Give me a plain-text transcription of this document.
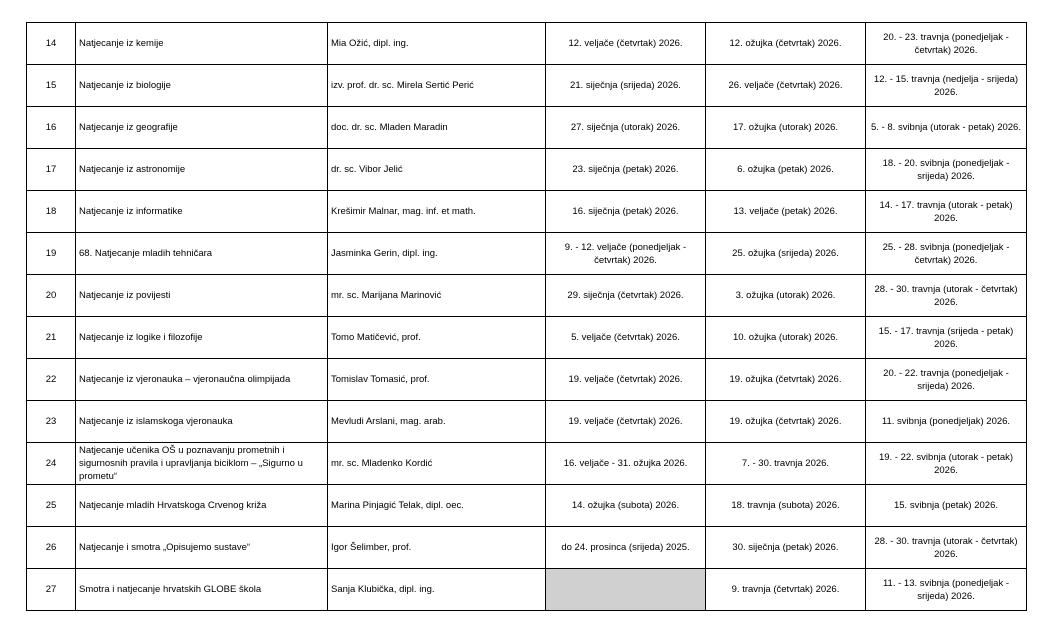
14	Natjecanje iz kemije	Mia Ožić, dipl. ing.	12. veljače (četvrtak) 2026.	12. ožujka (četvrtak) 2026.	20. - 23. travnja (ponedjeljak - četvrtak) 2026.
15	Natjecanje iz biologije	izv. prof. dr. sc. Mirela Sertić Perić	21. siječnja (srijeda) 2026.	26. veljače (četvrtak) 2026.	12. - 15. travnja (nedjelja - srijeda) 2026.
16	Natjecanje iz geografije	doc. dr. sc. Mladen Maradin	27. siječnja (utorak) 2026.	17. ožujka (utorak) 2026.	5. - 8. svibnja (utorak - petak) 2026.
17	Natjecanje iz astronomije	dr. sc. Vibor Jelić	23. siječnja (petak) 2026.	6. ožujka (petak) 2026.	18. - 20. svibnja (ponedjeljak - srijeda) 2026.
18	Natjecanje iz informatike	Krešimir Malnar, mag. inf. et math.	16. siječnja (petak) 2026.	13. veljače (petak) 2026.	14. - 17. travnja (utorak - petak) 2026.
19	68. Natjecanje mladih tehničara	Jasminka Gerin, dipl. ing.	9. - 12. veljače (ponedjeljak - četvrtak) 2026.	25. ožujka (srijeda) 2026.	25. - 28. svibnja (ponedjeljak - četvrtak) 2026.
20	Natjecanje iz povijesti	mr. sc. Marijana Marinović	29. siječnja (četvrtak) 2026.	3. ožujka (utorak) 2026.	28. - 30. travnja (utorak - četvrtak) 2026.
21	Natjecanje iz logike i filozofije	Tomo Matičević, prof.	5. veljače (četvrtak) 2026.	10. ožujka (utorak) 2026.	15. - 17. travnja (srijeda - petak) 2026.
22	Natjecanje iz vjeronauka – vjeronaučna olimpijada	Tomislav Tomasić, prof.	19. veljače (četvrtak) 2026.	19. ožujka (četvrtak) 2026.	20. - 22. travnja (ponedjeljak - srijeda) 2026.
23	Natjecanje iz islamskoga vjeronauka	Mevludi Arslani, mag. arab.	19. veljače (četvrtak) 2026.	19. ožujka (četvrtak) 2026.	11. svibnja (ponedjeljak) 2026.
24	Natjecanje učenika OŠ u poznavanju prometnih i sigurnosnih pravila i upravljanja biciklom – „Sigurno u prometu“	mr. sc. Mladenko Kordić	16. veljače - 31. ožujka 2026.	7. - 30. travnja 2026.	19. - 22. svibnja (utorak - petak) 2026.
25	Natjecanje mladih Hrvatskoga Crvenog križa	Marina Pinjagić Telak, dipl. oec.	14. ožujka (subota) 2026.	18. travnja (subota) 2026.	15. svibnja (petak) 2026.
26	Natjecanje i smotra „Opisujemo sustave“	Igor Šelimber, prof.	do 24. prosinca (srijeda) 2025.	30. siječnja (petak) 2026.	28. - 30. travnja (utorak - četvrtak) 2026.
27	Smotra i natjecanje hrvatskih GLOBE škola	Sanja Klubička, dipl. ing.		9. travnja (četvrtak) 2026.	11. - 13. svibnja (ponedjeljak - srijeda) 2026.
